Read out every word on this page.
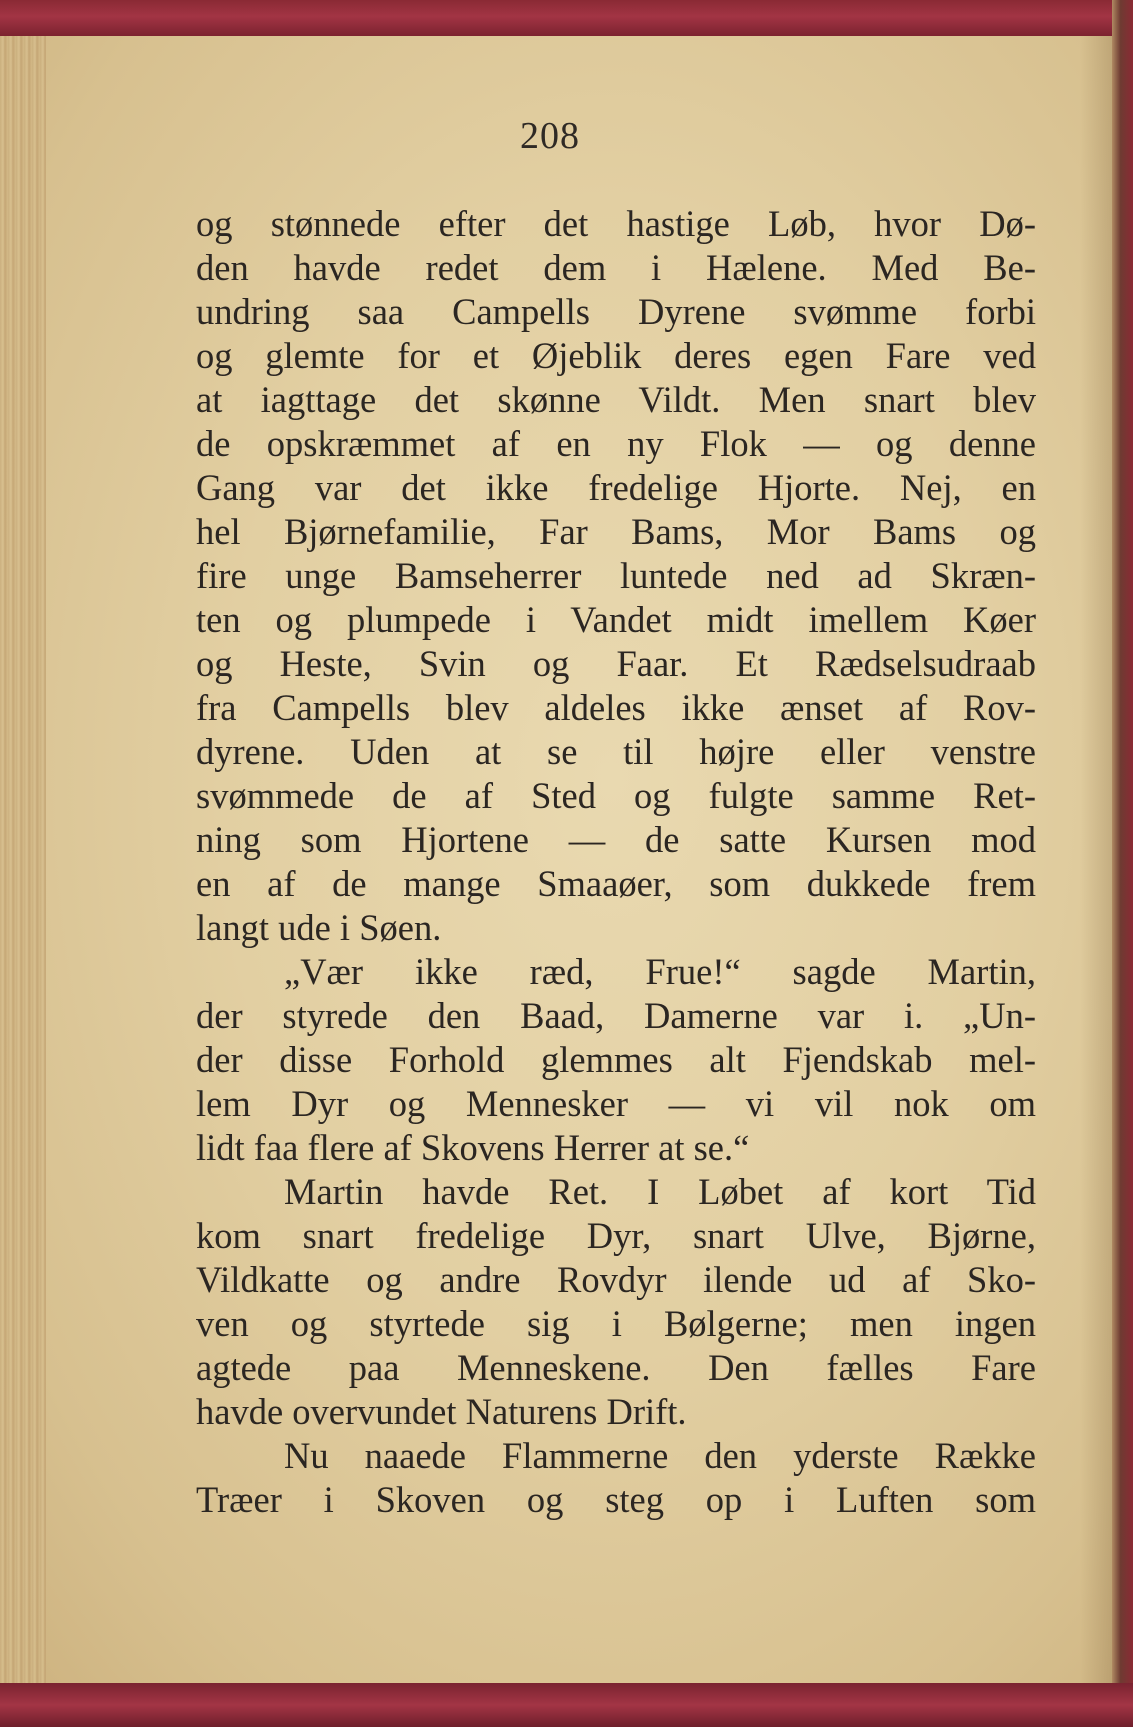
208
og stønnede efter det hastige Løb, hvor Dø-
den havde redet dem i Hælene. Med Be-
undring saa Campells Dyrene svømme forbi
og glemte for et Øjeblik deres egen Fare ved
at iagttage det skønne Vildt. Men snart blev
de opskræmmet af en ny Flok — og denne
Gang var det ikke fredelige Hjorte. Nej, en
hel Bjørnefamilie, Far Bams, Mor Bams og
fire unge Bamseherrer luntede ned ad Skræn-
ten og plumpede i Vandet midt imellem Køer
og Heste, Svin og Faar. Et Rædselsudraab
fra Campells blev aldeles ikke ænset af Rov-
dyrene. Uden at se til højre eller venstre
svømmede de af Sted og fulgte samme Ret-
ning som Hjortene — de satte Kursen mod
en af de mange Smaaøer, som dukkede frem
langt ude i Søen.
„Vær ikke ræd, Frue!“ sagde Martin,
der styrede den Baad, Damerne var i. „Un-
der disse Forhold glemmes alt Fjendskab mel-
lem Dyr og Mennesker — vi vil nok om
lidt faa flere af Skovens Herrer at se.“
Martin havde Ret. I Løbet af kort Tid
kom snart fredelige Dyr, snart Ulve, Bjørne,
Vildkatte og andre Rovdyr ilende ud af Sko-
ven og styrtede sig i Bølgerne; men ingen
agtede paa Menneskene. Den fælles Fare
havde overvundet Naturens Drift.
Nu naaede Flammerne den yderste Række
Træer i Skoven og steg op i Luften som
